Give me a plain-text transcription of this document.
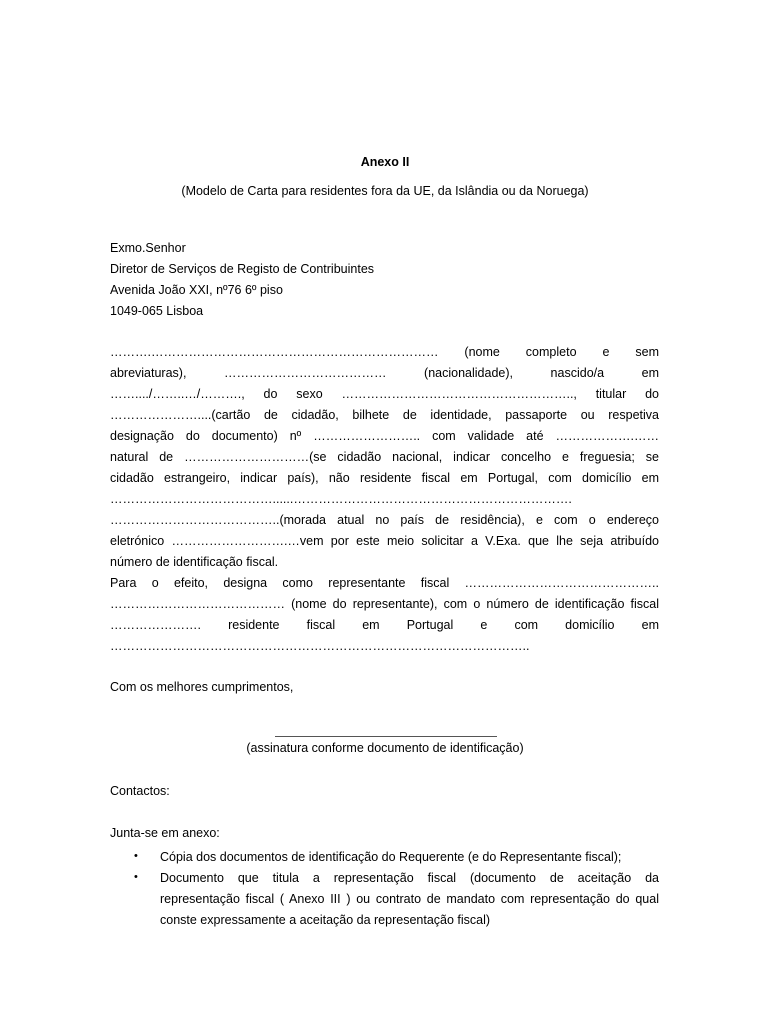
Anexo II
(Modelo de Carta para residentes fora da UE, da Islândia ou da Noruega)
Exmo.Senhor
Diretor de Serviços de Registo de Contribuintes
Avenida João XXI, nº76 6º piso
1049-065 Lisboa
……….…………………………………………………………… (nome completo e sem
abreviaturas), ………………………………… (nacionalidade), nascido/a em
……..../……..…/………., do sexo ……………………………………………….., titular do
…………………....(cartão de cidadão, bilhete de identidade, passaporte ou respetiva
designação do documento) nº …………………….. com validade até ……………….……
natural de …………………………(se cidadão nacional, indicar concelho e freguesia; se
cidadão estrangeiro, indicar país), não residente fiscal em Portugal, com domicílio em
…………………………………......………………………………………………………….
…………………………………..(morada atual no país de residência), e com o endereço
eletrónico ……………………….…vem por este meio solicitar a V.Exa. que lhe seja atribuído
número de identificação fiscal.
Para o efeito, designa como representante fiscal ………………………………………..
…………………………………… (nome do representante), com o número de identificação fiscal
…………………. residente fiscal em Portugal e com domicílio em
………………………………………………………………………………………..
Com os melhores cumprimentos,
(assinatura conforme documento de identificação)
Contactos:
Junta-se em anexo:
• Cópia dos documentos de identificação do Requerente (e do Representante fiscal);
• Documento que titula a representação fiscal (documento de aceitação da
representação fiscal ( Anexo III ) ou contrato de mandato com representação do qual
conste expressamente a aceitação da representação fiscal)
